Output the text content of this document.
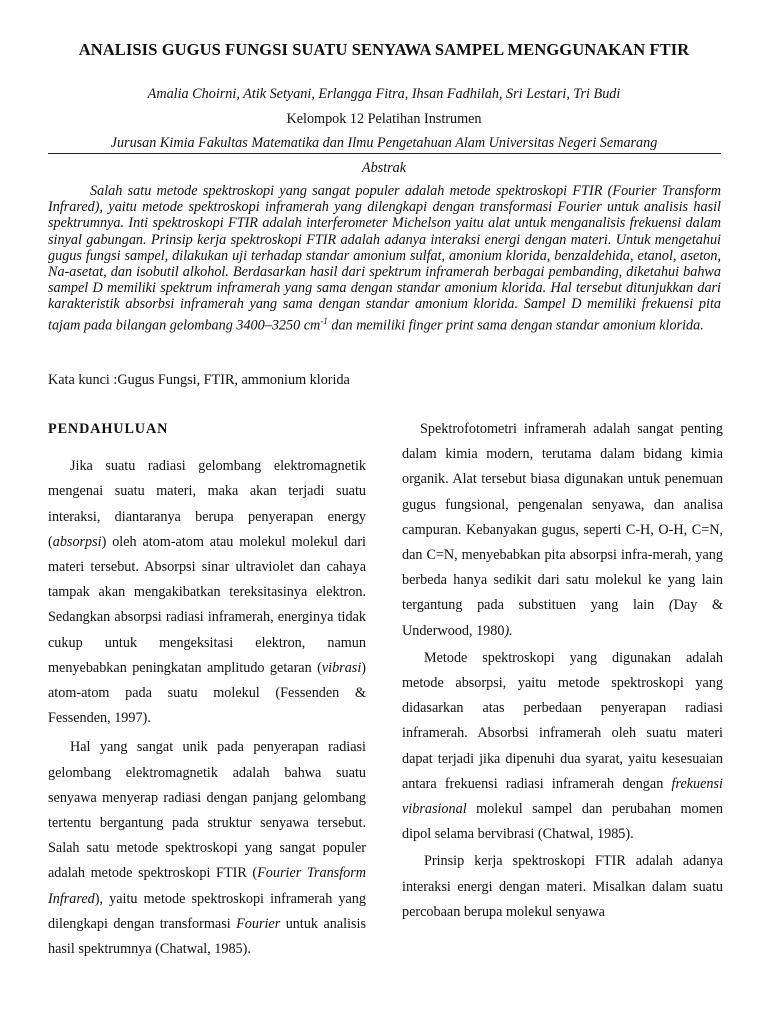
ANALISIS GUGUS FUNGSI SUATU SENYAWA SAMPEL MENGGUNAKAN FTIR
Amalia Choirni, Atik Setyani, Erlangga Fitra, Ihsan Fadhilah, Sri Lestari, Tri Budi
Kelompok 12 Pelatihan Instrumen
Jurusan Kimia Fakultas Matematika dan Ilmu Pengetahuan Alam Universitas Negeri Semarang
Abstrak

Salah satu metode spektroskopi yang sangat populer adalah metode spektroskopi FTIR (Fourier Transform Infrared), yaitu metode spektroskopi inframerah yang dilengkapi dengan transformasi Fourier untuk analisis hasil spektrumnya. Inti spektroskopi FTIR adalah interferometer Michelson yaitu alat untuk menganalisis frekuensi dalam sinyal gabungan. Prinsip kerja spektroskopi FTIR adalah adanya interaksi energi dengan materi. Untuk mengetahui gugus fungsi sampel, dilakukan uji terhadap standar amonium sulfat, amonium klorida, benzaldehida, etanol, aseton, Na-asetat, dan isobutil alkohol. Berdasarkan hasil dari spektrum inframerah berbagai pembanding, diketahui bahwa sampel D memiliki spektrum inframerah yang sama dengan standar amonium klorida. Hal tersebut ditunjukkan dari karakteristik absorbsi inframerah yang sama dengan standar amonium klorida. Sampel D memiliki frekuensi pita tajam pada bilangan gelombang 3400–3250 $cm^{-1}$ dan memiliki finger print sama dengan standar amonium klorida.

Kata kunci :Gugus Fungsi, FTIR, ammonium klorida

PENDAHULUAN

Jika suatu radiasi gelombang elektromagnetik mengenai suatu materi, maka akan terjadi suatu interaksi, diantaranya berupa penyerapan energy (absorpsi) oleh atom-atom atau molekul molekul dari materi tersebut. Absorpsi sinar ultraviolet dan cahaya tampak akan mengakibatkan tereksitasinya elektron. Sedangkan absorpsi radiasi inframerah, energinya tidak cukup untuk mengeksitasi elektron, namun menyebabkan peningkatan amplitudo getaran (vibrasi) atom-atom pada suatu molekul (Fessenden & Fessenden, 1997).

Hal yang sangat unik pada penyerapan radiasi gelombang elektromagnetik adalah bahwa suatu senyawa menyerap radiasi dengan panjang gelombang tertentu bergantung pada struktur senyawa tersebut. Salah satu metode spektroskopi yang sangat populer adalah metode spektroskopi FTIR (Fourier Transform Infrared), yaitu metode spektroskopi inframerah yang dilengkapi dengan transformasi Fourier untuk analisis hasil spektrumnya (Chatwal, 1985).

Spektrofotometri inframerah adalah sangat penting dalam kimia modern, terutama dalam bidang kimia organik. Alat tersebut biasa digunakan untuk penemuan gugus fungsional, pengenalan senyawa, dan analisa campuran. Kebanyakan gugus, seperti C-H, O-H, C=N, dan C=N, menyebabkan pita absorpsi infra-merah, yang berbeda hanya sedikit dari satu molekul ke yang lain tergantung pada substituen yang lain (Day & Underwood, 1980).

Metode spektroskopi yang digunakan adalah metode absorpsi, yaitu metode spektroskopi yang didasarkan atas perbedaan penyerapan radiasi inframerah. Absorbsi inframerah oleh suatu materi dapat terjadi jika dipenuhi dua syarat, yaitu kesesuaian antara frekuensi radiasi inframerah dengan frekuensi vibrasional molekul sampel dan perubahan momen dipol selama bervibrasi (Chatwal, 1985).

Prinsip kerja spektroskopi FTIR adalah adanya interaksi energi dengan materi. Misalkan dalam suatu percobaan berupa molekul senyawa
